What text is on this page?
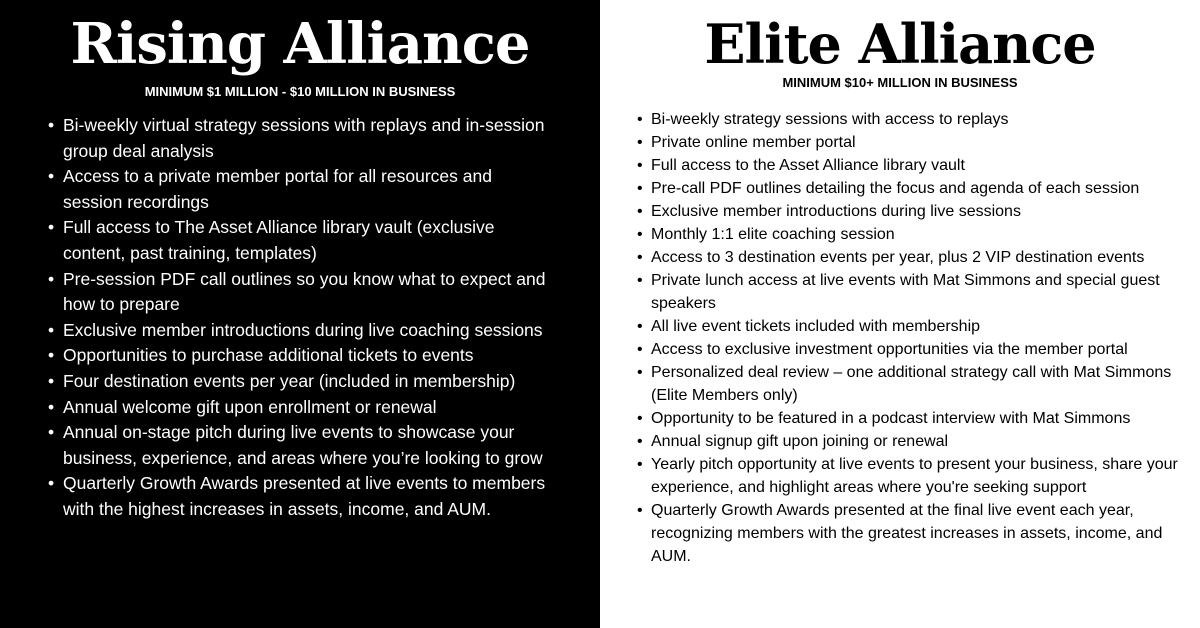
Rising Alliance

MINIMUM $1 MILLION - $10 MILLION IN BUSINESS

• Bi-weekly virtual strategy sessions with replays and in-session group deal analysis
• Access to a private member portal for all resources and session recordings
• Full access to The Asset Alliance library vault (exclusive content, past training, templates)
• Pre-session PDF call outlines so you know what to expect and how to prepare
• Exclusive member introductions during live coaching sessions
• Opportunities to purchase additional tickets to events
• Four destination events per year (included in membership)
• Annual welcome gift upon enrollment or renewal
• Annual on-stage pitch during live events to showcase your business, experience, and areas where you’re looking to grow
• Quarterly Growth Awards presented at live events to members with the highest increases in assets, income, and AUM.
Elite Alliance

MINIMUM $10+ MILLION IN BUSINESS

• Bi-weekly strategy sessions with access to replays
• Private online member portal
• Full access to the Asset Alliance library vault
• Pre-call PDF outlines detailing the focus and agenda of each session
• Exclusive member introductions during live sessions
• Monthly 1:1 elite coaching session
• Access to 3 destination events per year, plus 2 VIP destination events
• Private lunch access at live events with Mat Simmons and special guest speakers
• All live event tickets included with membership
• Access to exclusive investment opportunities via the member portal
• Personalized deal review – one additional strategy call with Mat Simmons (Elite Members only)
• Opportunity to be featured in a podcast interview with Mat Simmons
• Annual signup gift upon joining or renewal
• Yearly pitch opportunity at live events to present your business, share your experience, and highlight areas where you're seeking support
• Quarterly Growth Awards presented at the final live event each year, recognizing members with the greatest increases in assets, income, and AUM.
